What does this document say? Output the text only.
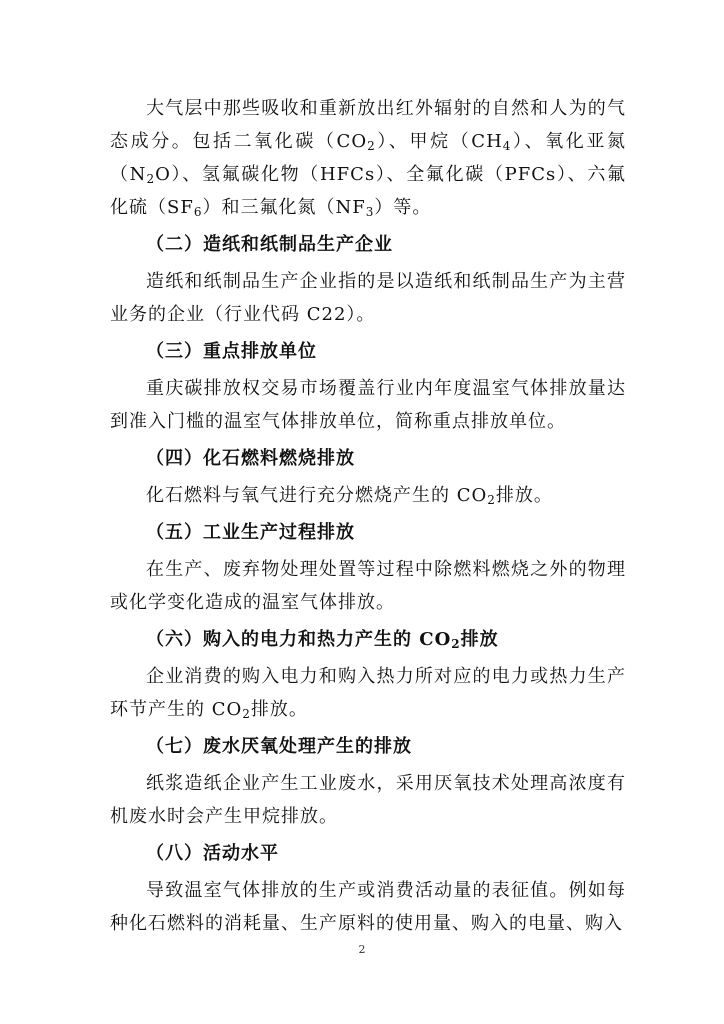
大气层中那些吸收和重新放出红外辐射的自然和人为的气态成分。包括二氧化碳$(CO_2)$、甲烷$(CH_4)$、氧化亚氮$(N_2O)$、氢氟碳化物（HFCs）、全氟化碳（PFCs）、六氟化硫$(SF_6)$和三氟化氮$(NF_3)$等。

（二）造纸和纸制品生产企业

造纸和纸制品生产企业指的是以造纸和纸制品生产为主营业务的企业（行业代码 C22）。

（三）重点排放单位

重庆碳排放权交易市场覆盖行业内年度温室气体排放量达到准入门槛的温室气体排放单位，简称重点排放单位。

（四）化石燃料燃烧排放

化石燃料与氧气进行充分燃烧产生的 $CO_2$排放。

（五）工业生产过程排放

在生产、废弃物处理处置等过程中除燃料燃烧之外的物理或化学变化造成的温室气体排放。

（六）购入的电力和热力产生的 $CO_2$排放

企业消费的购入电力和购入热力所对应的电力或热力生产环节产生的 $CO_2$排放。

（七）废水厌氧处理产生的排放

纸浆造纸企业产生工业废水，采用厌氧技术处理高浓度有机废水时会产生甲烷排放。

（八）活动水平

导致温室气体排放的生产或消费活动量的表征值。例如每种化石燃料的消耗量、生产原料的使用量、购入的电量、购入

2
